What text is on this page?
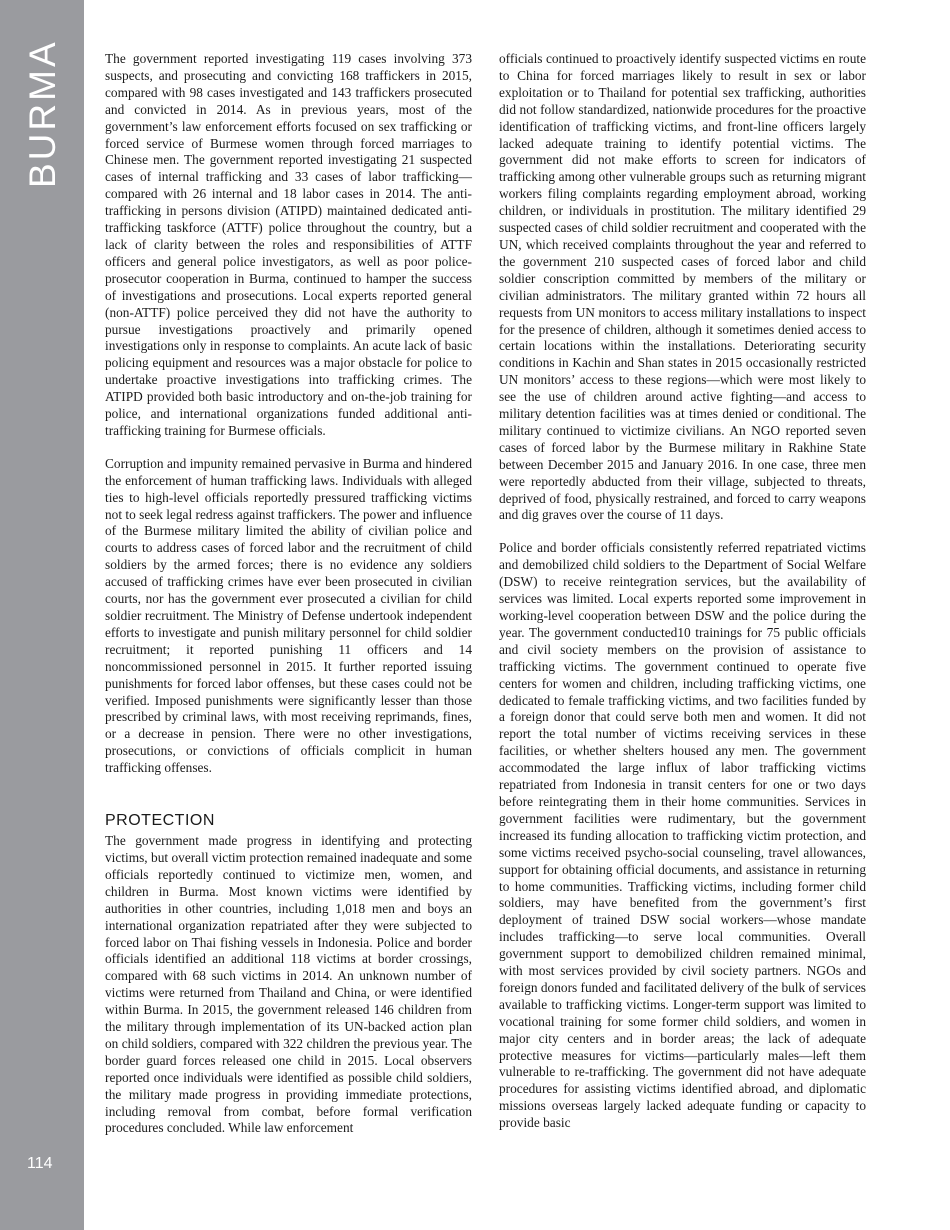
BURMA
114

The government reported investigating 119 cases involving 373 suspects, and prosecuting and convicting 168 traffickers in 2015, compared with 98 cases investigated and 143 traffickers prosecuted and convicted in 2014. As in previous years, most of the government’s law enforcement efforts focused on sex trafficking or forced service of Burmese women through forced marriages to Chinese men. The government reported investigating 21 suspected cases of internal trafficking and 33 cases of labor trafficking—compared with 26 internal and 18 labor cases in 2014. The anti-trafficking in persons division (ATIPD) maintained dedicated anti-trafficking taskforce (ATTF) police throughout the country, but a lack of clarity between the roles and responsibilities of ATTF officers and general police investigators, as well as poor police-prosecutor cooperation in Burma, continued to hamper the success of investigations and prosecutions. Local experts reported general (non-ATTF) police perceived they did not have the authority to pursue investigations proactively and primarily opened investigations only in response to complaints. An acute lack of basic policing equipment and resources was a major obstacle for police to undertake proactive investigations into trafficking crimes. The ATIPD provided both basic introductory and on-the-job training for police, and international organizations funded additional anti-trafficking training for Burmese officials.

Corruption and impunity remained pervasive in Burma and hindered the enforcement of human trafficking laws. Individuals with alleged ties to high-level officials reportedly pressured trafficking victims not to seek legal redress against traffickers. The power and influence of the Burmese military limited the ability of civilian police and courts to address cases of forced labor and the recruitment of child soldiers by the armed forces; there is no evidence any soldiers accused of trafficking crimes have ever been prosecuted in civilian courts, nor has the government ever prosecuted a civilian for child soldier recruitment. The Ministry of Defense undertook independent efforts to investigate and punish military personnel for child soldier recruitment; it reported punishing 11 officers and 14 noncommissioned personnel in 2015. It further reported issuing punishments for forced labor offenses, but these cases could not be verified. Imposed punishments were significantly lesser than those prescribed by criminal laws, with most receiving reprimands, fines, or a decrease in pension. There were no other investigations, prosecutions, or convictions of officials complicit in human trafficking offenses.

PROTECTION

The government made progress in identifying and protecting victims, but overall victim protection remained inadequate and some officials reportedly continued to victimize men, women, and children in Burma. Most known victims were identified by authorities in other countries, including 1,018 men and boys an international organization repatriated after they were subjected to forced labor on Thai fishing vessels in Indonesia. Police and border officials identified an additional 118 victims at border crossings, compared with 68 such victims in 2014. An unknown number of victims were returned from Thailand and China, or were identified within Burma. In 2015, the government released 146 children from the military through implementation of its UN-backed action plan on child soldiers, compared with 322 children the previous year. The border guard forces released one child in 2015. Local observers reported once individuals were identified as possible child soldiers, the military made progress in providing immediate protections, including removal from combat, before formal verification procedures concluded. While law enforcement

officials continued to proactively identify suspected victims en route to China for forced marriages likely to result in sex or labor exploitation or to Thailand for potential sex trafficking, authorities did not follow standardized, nationwide procedures for the proactive identification of trafficking victims, and front-line officers largely lacked adequate training to identify potential victims. The government did not make efforts to screen for indicators of trafficking among other vulnerable groups such as returning migrant workers filing complaints regarding employment abroad, working children, or individuals in prostitution. The military identified 29 suspected cases of child soldier recruitment and cooperated with the UN, which received complaints throughout the year and referred to the government 210 suspected cases of forced labor and child soldier conscription committed by members of the military or civilian administrators. The military granted within 72 hours all requests from UN monitors to access military installations to inspect for the presence of children, although it sometimes denied access to certain locations within the installations. Deteriorating security conditions in Kachin and Shan states in 2015 occasionally restricted UN monitors’ access to these regions—which were most likely to see the use of children around active fighting—and access to military detention facilities was at times denied or conditional. The military continued to victimize civilians. An NGO reported seven cases of forced labor by the Burmese military in Rakhine State between December 2015 and January 2016. In one case, three men were reportedly abducted from their village, subjected to threats, deprived of food, physically restrained, and forced to carry weapons and dig graves over the course of 11 days.

Police and border officials consistently referred repatriated victims and demobilized child soldiers to the Department of Social Welfare (DSW) to receive reintegration services, but the availability of services was limited. Local experts reported some improvement in working-level cooperation between DSW and the police during the year. The government conducted10 trainings for 75 public officials and civil society members on the provision of assistance to trafficking victims. The government continued to operate five centers for women and children, including trafficking victims, one dedicated to female trafficking victims, and two facilities funded by a foreign donor that could serve both men and women. It did not report the total number of victims receiving services in these facilities, or whether shelters housed any men. The government accommodated the large influx of labor trafficking victims repatriated from Indonesia in transit centers for one or two days before reintegrating them in their home communities. Services in government facilities were rudimentary, but the government increased its funding allocation to trafficking victim protection, and some victims received psycho-social counseling, travel allowances, support for obtaining official documents, and assistance in returning to home communities. Trafficking victims, including former child soldiers, may have benefited from the government’s first deployment of trained DSW social workers—whose mandate includes trafficking—to serve local communities. Overall government support to demobilized children remained minimal, with most services provided by civil society partners. NGOs and foreign donors funded and facilitated delivery of the bulk of services available to trafficking victims. Longer-term support was limited to vocational training for some former child soldiers, and women in major city centers and in border areas; the lack of adequate protective measures for victims—particularly males—left them vulnerable to re-trafficking. The government did not have adequate procedures for assisting victims identified abroad, and diplomatic missions overseas largely lacked adequate funding or capacity to provide basic
